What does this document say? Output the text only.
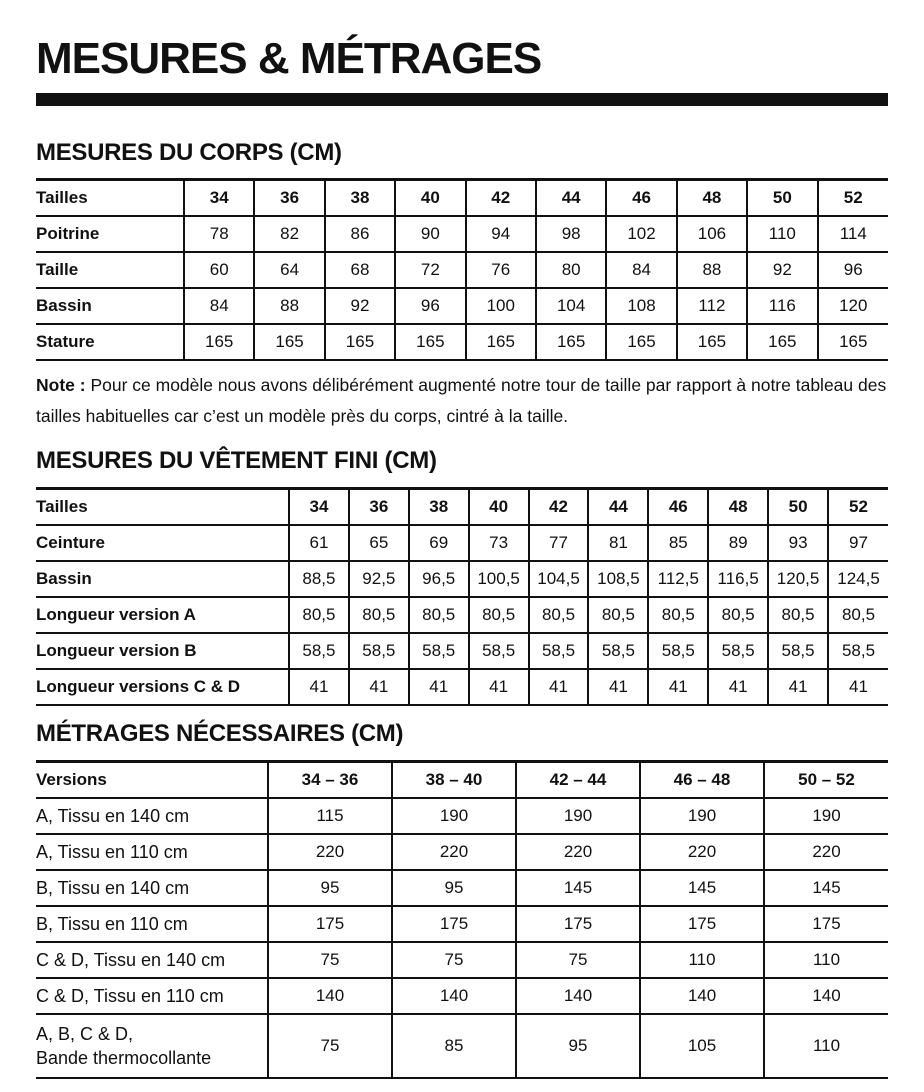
MESURES & MÉTRAGES
MESURES DU CORPS (CM)
Tailles	34	36	38	40	42	44	46	48	50	52
Poitrine	78	82	86	90	94	98	102	106	110	114
Taille	60	64	68	72	76	80	84	88	92	96
Bassin	84	88	92	96	100	104	108	112	116	120
Stature	165	165	165	165	165	165	165	165	165	165

Note : Pour ce modèle nous avons délibérément augmenté notre tour de taille par rapport à notre tableau des tailles habituelles car c’est un modèle près du corps, cintré à la taille.

MESURES DU VÊTEMENT FINI (CM)
Tailles	34	36	38	40	42	44	46	48	50	52
Ceinture	61	65	69	73	77	81	85	89	93	97
Bassin	88,5	92,5	96,5	100,5	104,5	108,5	112,5	116,5	120,5	124,5
Longueur version A	80,5	80,5	80,5	80,5	80,5	80,5	80,5	80,5	80,5	80,5
Longueur version B	58,5	58,5	58,5	58,5	58,5	58,5	58,5	58,5	58,5	58,5
Longueur versions C & D	41	41	41	41	41	41	41	41	41	41
MÉTRAGES NÉCESSAIRES (CM)
Versions	34 – 36	38 – 40	42 – 44	46 – 48	50 – 52
A, Tissu en 140 cm	115	190	190	190	190
A, Tissu en 110 cm	220	220	220	220	220
B, Tissu en 140 cm	95	95	145	145	145
B, Tissu en 110 cm	175	175	175	175	175
C & D, Tissu en 140 cm	75	75	75	110	110
C & D, Tissu en 110 cm	140	140	140	140	140
A, B, C & D,
Bande thermocollante	75	85	95	105	110
